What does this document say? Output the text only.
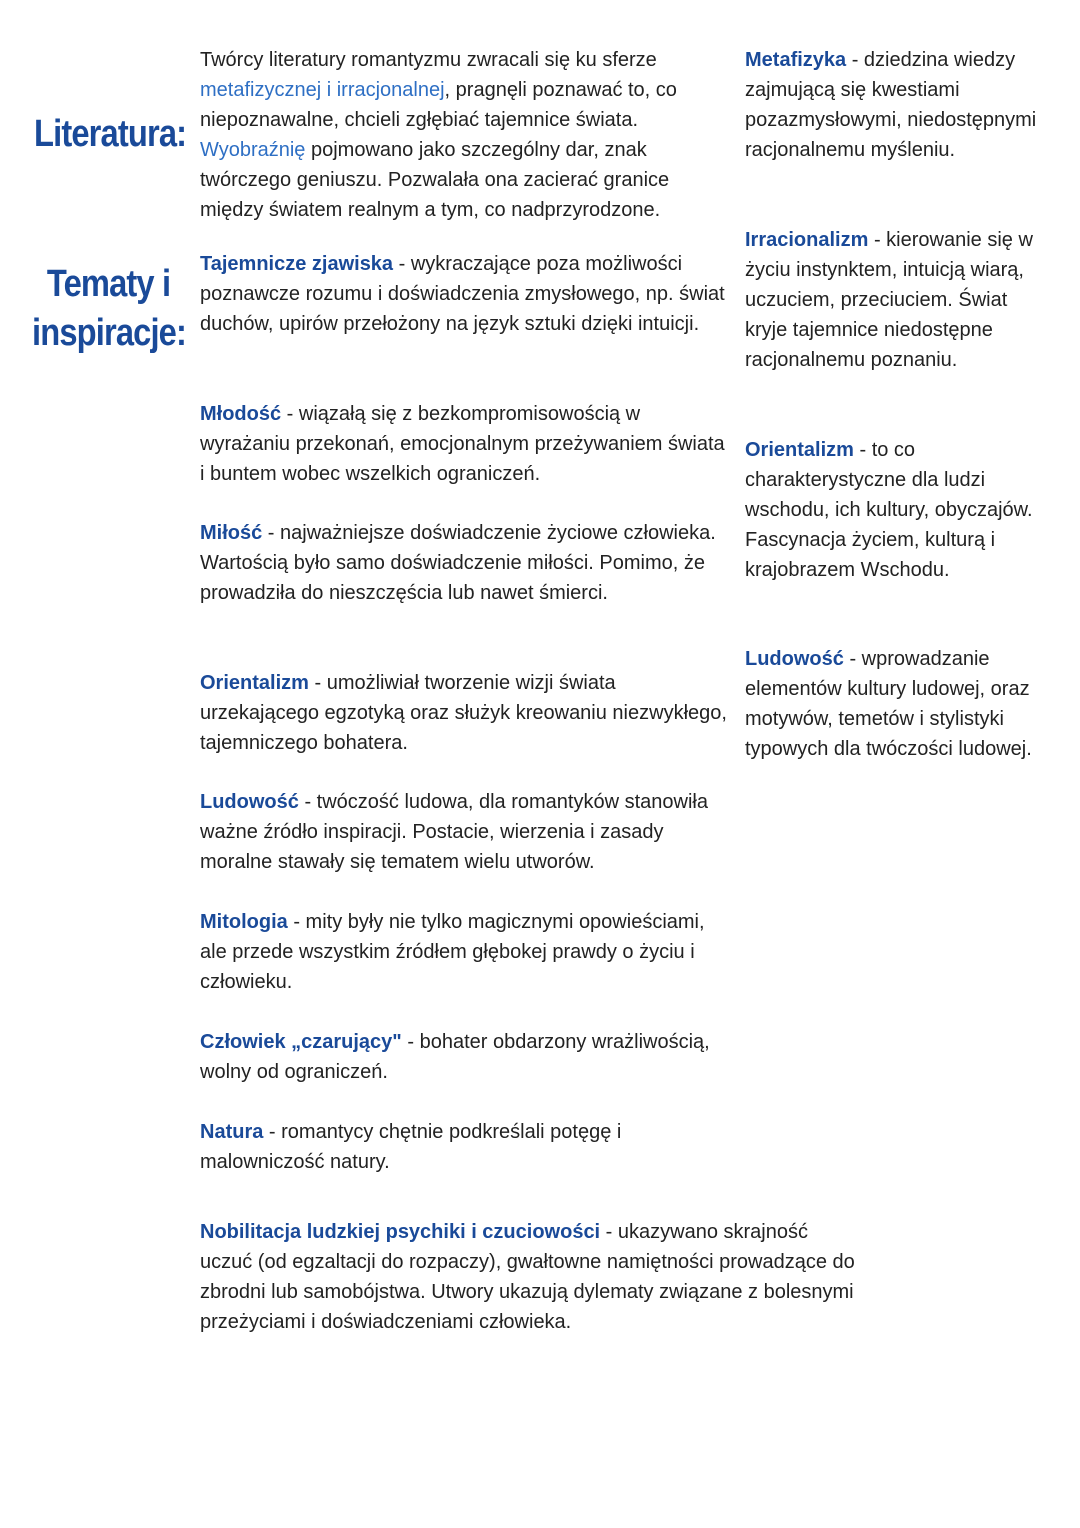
Literatura:
Tematy i
inspiracje:

Twórcy literatury romantyzmu zwracali się ku sferze metafizycznej i irracjonalnej, pragnęli poznawać to, co niepoznawalne, chcieli zgłębiać tajemnice świata. Wyobraźnię pojmowano jako szczególny dar, znak twórczego geniuszu. Pozwalała ona zacierać granice między światem realnym a tym, co nadprzyrodzone.

Tajemnicze zjawiska - wykraczające poza możliwości poznawcze rozumu i doświadczenia zmysłowego, np. świat duchów, upirów przełożony na język sztuki dzięki intuicji.

Młodość - wiązałą się z bezkompromisowością w wyrażaniu przekonań, emocjonalnym przeżywaniem świata i buntem wobec wszelkich ograniczeń.

Miłość - najważniejsze doświadczenie życiowe człowieka. Wartością było samo doświadczenie miłości. Pomimo, że prowadziła do nieszczęścia lub nawet śmierci.

Orientalizm - umożliwiał tworzenie wizji świata urzekającego egzotyką oraz służyk kreowaniu niezwykłego, tajemniczego bohatera.

Ludowość - twóczość ludowa, dla romantyków stanowiła ważne źródło inspiracji. Postacie, wierzenia i zasady moralne stawały się tematem wielu utworów.

Mitologia - mity były nie tylko magicznymi opowieściami, ale przede wszystkim źródłem głębokej prawdy o życiu i człowieku.

Człowiek „czarujący" - bohater obdarzony wrażliwością, wolny od ograniczeń.

Natura - romantycy chętnie podkreślali potęgę i malowniczość natury.

Nobilitacja ludzkiej psychiki i czuciowości - ukazywano skrajność uczuć (od egzaltacji do rozpaczy), gwałtowne namiętności prowadzące do zbrodni lub samobójstwa. Utwory ukazują dylematy związane z bolesnymi przeżyciami i doświadczeniami człowieka.

Metafizyka - dziedzina wiedzy zajmującą się kwestiami pozazmysłowymi, niedostępnymi racjonalnemu myśleniu.

Irracionalizm - kierowanie się w życiu instynktem, intuicją wiarą, uczuciem, przeciuciem. Świat kryje tajemnice niedostępne racjonalnemu poznaniu.

Orientalizm - to co charakterystyczne dla ludzi wschodu, ich kultury, obyczajów. Fascynacja życiem, kulturą i krajobrazem Wschodu.

Ludowość - wprowadzanie elementów kultury ludowej, oraz motywów, temetów i stylistyki typowych dla twóczości ludowej.
